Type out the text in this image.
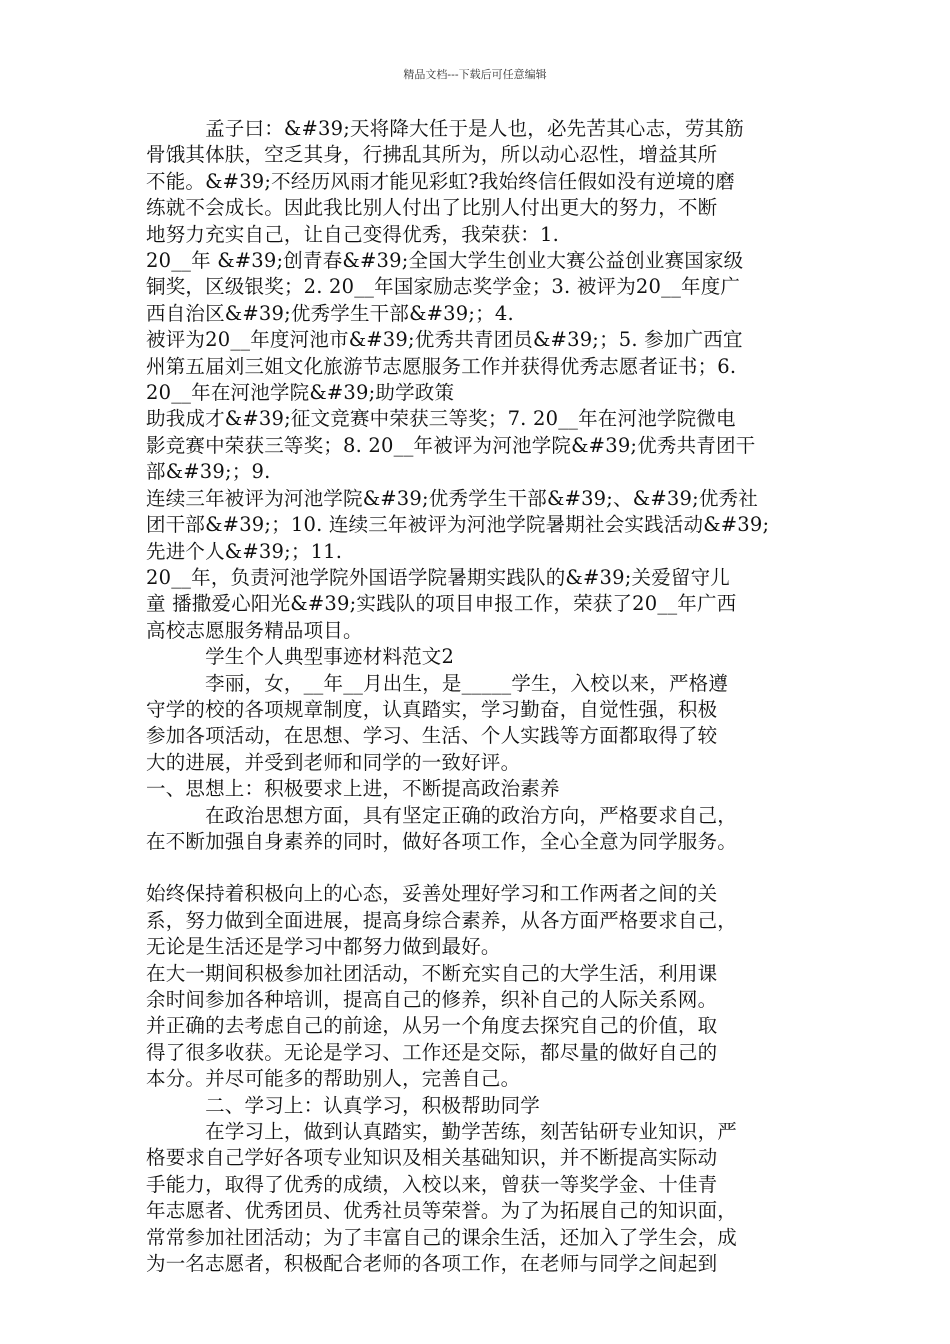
精品文档---下载后可任意编辑
　　　孟子曰：&#39;天将降大任于是人也，必先苦其心志，劳其筋
骨饿其体肤，空乏其身，行拂乱其所为，所以动心忍性，增益其所
不能。&#39;不经历风雨才能见彩虹?我始终信任假如没有逆境的磨
练就不会成长。因此我比别人付出了比别人付出更大的努力，不断
地努力充实自己，让自己变得优秀，我荣获：1.
20__年 &#39;创青春&#39;全国大学生创业大赛公益创业赛国家级
铜奖，区级银奖；2. 20__年国家励志奖学金；3. 被评为20__年度广
西自治区&#39;优秀学生干部&#39;；4.
被评为20__年度河池市&#39;优秀共青团员&#39;；5. 参加广西宜
州第五届刘三姐文化旅游节志愿服务工作并获得优秀志愿者证书；6.
20__年在河池学院&#39;助学政策
助我成才&#39;征文竞赛中荣获三等奖；7. 20__年在河池学院微电
影竞赛中荣获三等奖；8. 20__年被评为河池学院&#39;优秀共青团干
部&#39;；9.
连续三年被评为河池学院&#39;优秀学生干部&#39;、&#39;优秀社
团干部&#39;；10. 连续三年被评为河池学院暑期社会实践活动&#39;
先进个人&#39;；11.
20__年，负责河池学院外国语学院暑期实践队的&#39;关爱留守儿
童 播撒爱心阳光&#39;实践队的项目申报工作，荣获了20__年广西
高校志愿服务精品项目。
　　　学生个人典型事迹材料范文2
　　　李丽，女，__年__月出生，是_____学生，入校以来，严格遵
守学的校的各项规章制度，认真踏实，学习勤奋，自觉性强，积极
参加各项活动，在思想、学习、生活、个人实践等方面都取得了较
大的进展，并受到老师和同学的一致好评。
一、思想上：积极要求上进，不断提高政治素养
　　　在政治思想方面，具有坚定正确的政治方向，严格要求自己，
在不断加强自身素养的同时，做好各项工作，全心全意为同学服务。
始终保持着积极向上的心态，妥善处理好学习和工作两者之间的关
系，努力做到全面进展，提高身综合素养，从各方面严格要求自己，
无论是生活还是学习中都努力做到最好。
在大一期间积极参加社团活动，不断充实自己的大学生活，利用课
余时间参加各种培训，提高自己的修养，织补自己的人际关系网。
并正确的去考虑自己的前途，从另一个角度去探究自己的价值，取
得了很多收获。无论是学习、工作还是交际，都尽量的做好自己的
本分。并尽可能多的帮助别人，完善自己。
　　　二、学习上：认真学习，积极帮助同学
　　　在学习上，做到认真踏实，勤学苦练，刻苦钻研专业知识，严
格要求自己学好各项专业知识及相关基础知识，并不断提高实际动
手能力，取得了优秀的成绩，入校以来，曾获一等奖学金、十佳青
年志愿者、优秀团员、优秀社员等荣誉。为了为拓展自己的知识面，
常常参加社团活动；为了丰富自己的课余生活，还加入了学生会，成
为一名志愿者，积极配合老师的各项工作，在老师与同学之间起到
